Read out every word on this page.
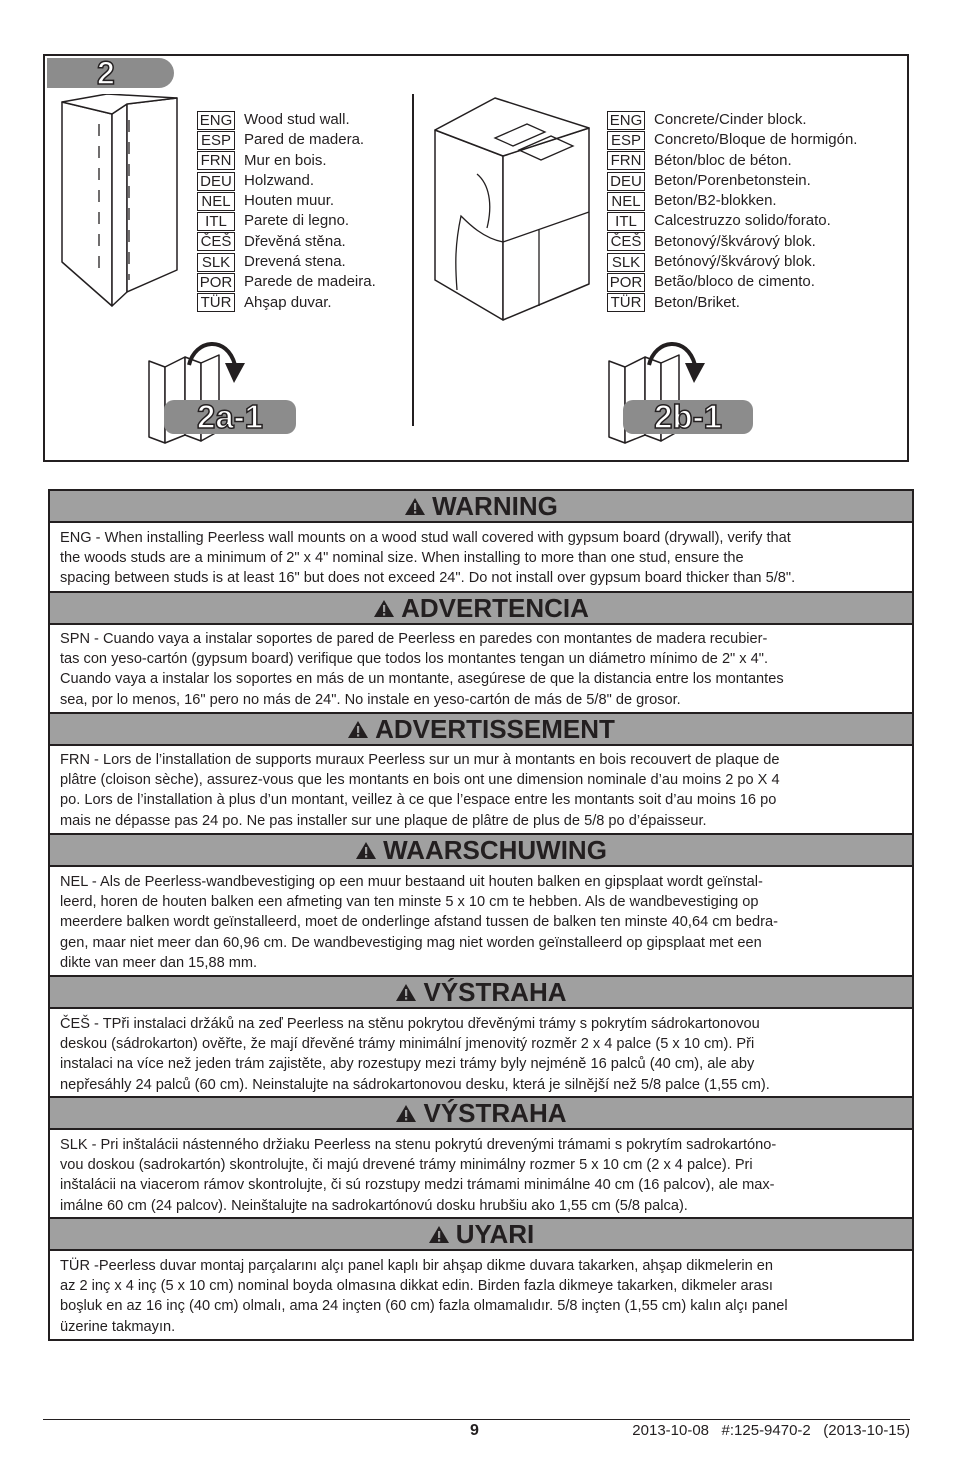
2
ENG Wood stud wall.
ESP Pared de madera.
FRN Mur en bois.
DEU Holzwand.
NEL Houten muur.
ITL	Parete di legno.
ČEŠ Dřevěná stěna.
SLK Drevená stena.
POR Parede de madeira.
TÜR Ahşap duvar.
2a-1
ENG Concrete/Cinder block.
ESP Concreto/Bloque de hormigón.
FRN Béton/bloc de béton.
DEU Beton/Porenbetonstein.
NEL Beton/B2-blokken.
ITL	Calcestruzzo solido/forato.
ČEŠ Betonový/škvárový blok.
SLK Betónový/škvárový blok.
POR Betão/bloco de cimento.
TÜR Beton/Briket.
2b-1
WARNING
ENG - When installing Peerless wall mounts on a wood stud wall covered with gypsum board (drywall), verify that
the woods studs are a minimum of 2" x 4" nominal size. When installing to more than one stud, ensure the
spacing between studs is at least 16" but does not exceed 24". Do not install over gypsum board thicker than 5/8".
ADVERTENCIA
SPN - Cuando vaya a instalar soportes de pared de Peerless en paredes con montantes de madera recubier-
tas con yeso-cartón (gypsum board) verifique que todos los montantes tengan un diámetro mínimo de 2" x 4".
Cuando vaya a instalar los soportes en más de un montante, asegúrese de que la distancia entre los montantes
sea, por lo menos, 16" pero no más de 24". No instale en yeso-cartón de más de 5/8" de grosor.
ADVERTISSEMENT
FRN - Lors de l’installation de supports muraux Peerless sur un mur à montants en bois recouvert de plaque de
plâtre (cloison sèche), assurez-vous que les montants en bois ont une dimension nominale d’au moins 2 po X 4
po. Lors de l’installation à plus d’un montant, veillez à ce que l’espace entre les montants soit d’au moins 16 po
mais ne dépasse pas 24 po. Ne pas installer sur une plaque de plâtre de plus de 5/8 po d’épaisseur.
WAARSCHUWING
NEL - Als de Peerless-wandbevestiging op een muur bestaand uit houten balken en gipsplaat wordt geïnstal-
leerd, horen de houten balken een afmeting van ten minste 5 x 10 cm te hebben. Als de wandbevestiging op
meerdere balken wordt geïnstalleerd, moet de onderlinge afstand tussen de balken ten minste 40,64 cm bedra-
gen, maar niet meer dan 60,96 cm. De wandbevestiging mag niet worden geïnstalleerd op gipsplaat met een
dikte van meer dan 15,88 mm.
VÝSTRAHA
ČEŠ - TPři instalaci držáků na zeď Peerless na stěnu pokrytou dřevěnými trámy s pokrytím sádrokartonovou
deskou (sádrokarton) ověřte, že mají dřevěné trámy minimální jmenovitý rozměr 2 x 4 palce (5 x 10 cm). Při
instalaci na více než jeden trám zajistěte, aby rozestupy mezi trámy byly nejméně 16 palců (40 cm), ale aby
nepřesáhly 24 palců (60 cm). Neinstalujte na sádrokartonovou desku, která je silnější než 5/8 palce (1,55 cm).
VÝSTRAHA
SLK - Pri inštalácii nástenného držiaku Peerless na stenu pokrytú drevenými trámami s pokrytím sadrokartóno-
vou doskou (sadrokartón) skontrolujte, či majú drevené trámy minimálny rozmer 5 x 10 cm (2 x 4 palce). Pri
inštalácii na viacerom rámov skontrolujte, či sú rozstupy medzi trámami minimálne 40 cm (16 palcov), ale max-
imálne 60 cm (24 palcov). Neinštalujte na sadrokartónovú dosku hrubšiu ako 1,55 cm (5/8 palca).
UYARI
TÜR -Peerless duvar montaj parçalarını alçı panel kaplı bir ahşap dikme duvara takarken, ahşap dikmelerin en
az 2 inç x 4 inç (5 x 10 cm) nominal boyda olmasına dikkat edin. Birden fazla dikmeye takarken, dikmeler arası
boşluk en az 16 inç (40 cm) olmalı, ama 24 inçten (60 cm) fazla olmamalıdır. 5/8 inçten (1,55 cm) kalın alçı panel
üzerine takmayın.
9	2013-10-08   #:125-9470-2   (2013-10-15)
